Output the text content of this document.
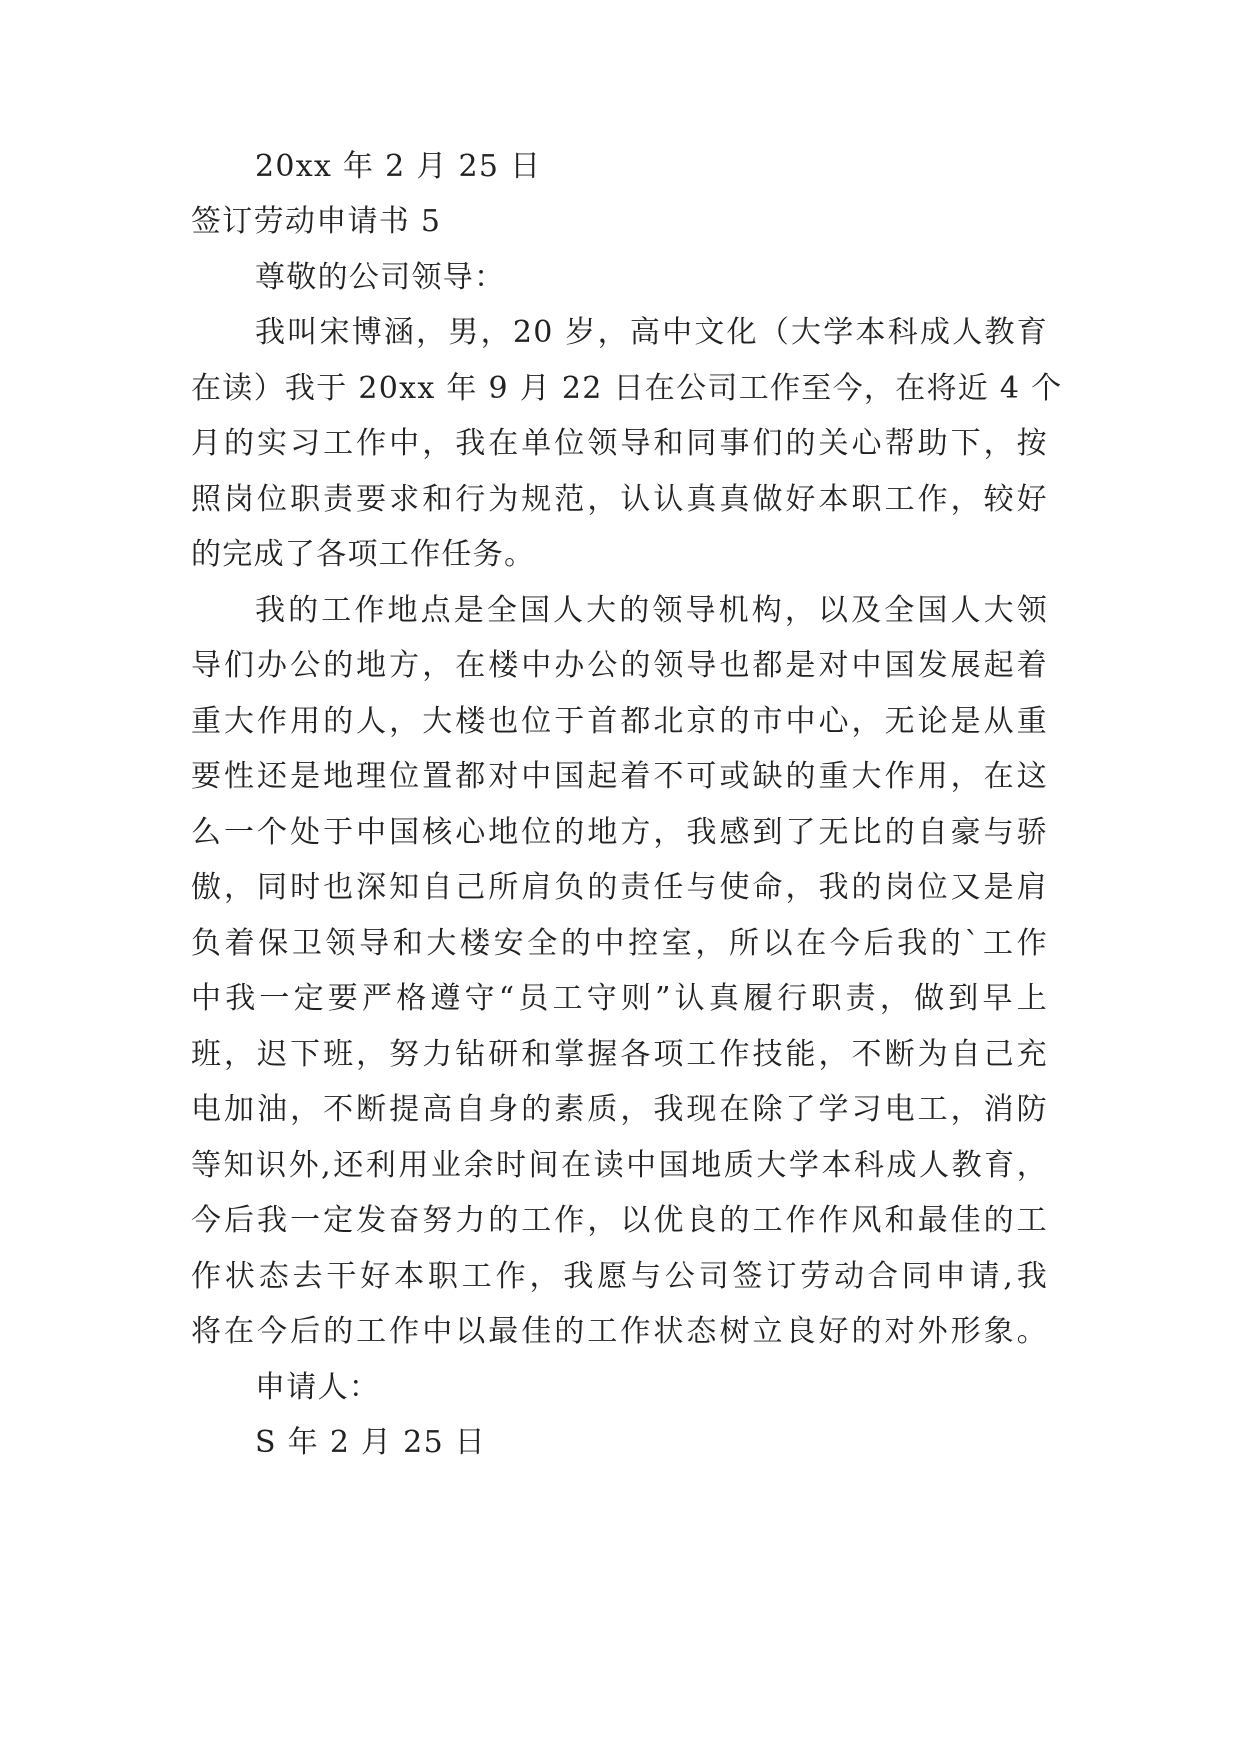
20xx 年 2 月 25 日
签订劳动申请书 5
尊敬的公司领导：
我叫宋博涵，男，20 岁，高中文化（大学本科成人教育
在读）我于 20xx 年 9 月 22 日在公司工作至今，在将近 4 个
月的实习工作中，我在单位领导和同事们的关心帮助下，按
照岗位职责要求和行为规范，认认真真做好本职工作，较好
的完成了各项工作任务。
我的工作地点是全国人大的领导机构，以及全国人大领
导们办公的地方，在楼中办公的领导也都是对中国发展起着
重大作用的人，大楼也位于首都北京的市中心，无论是从重
要性还是地理位置都对中国起着不可或缺的重大作用，在这
么一个处于中国核心地位的地方，我感到了无比的自豪与骄
傲，同时也深知自己所肩负的责任与使命，我的岗位又是肩
负着保卫领导和大楼安全的中控室，所以在今后我的`工作
中我一定要严格遵守“员工守则”认真履行职责，做到早上
班，迟下班，努力钻研和掌握各项工作技能，不断为自己充
电加油，不断提高自身的素质，我现在除了学习电工，消防
等知识外,还利用业余时间在读中国地质大学本科成人教育，
今后我一定发奋努力的工作，以优良的工作作风和最佳的工
作状态去干好本职工作，我愿与公司签订劳动合同申请,我
将在今后的工作中以最佳的工作状态树立良好的对外形象。
申请人：
S 年 2 月 25 日
